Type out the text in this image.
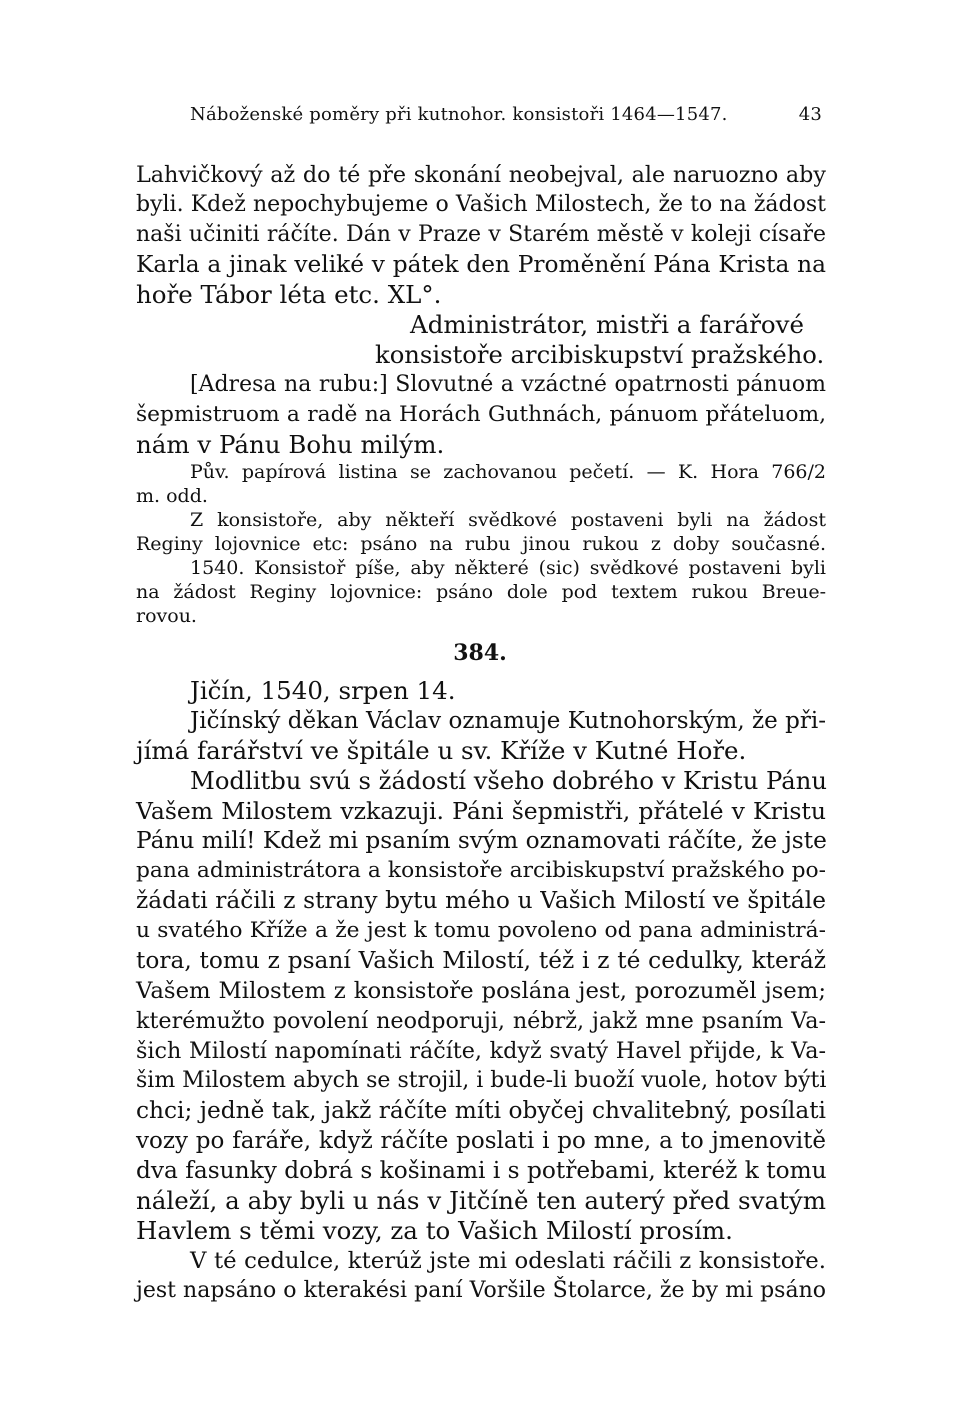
Náboženské poměry při kutnohor. konsistoři 1464—1547.	43
Lahvičkový až do té pře skonání neobejval, ale naruozno aby
byli. Kdež nepochybujeme o Vašich Milostech, že to na žádost
naši učiniti ráčíte. Dán v Praze v Starém městě v koleji císaře
Karla a jinak veliké v pátek den Proměnění Pána Krista na
hoře Tábor léta etc. XL°.
Administrátor, mistři a farářové
konsistoře arcibiskupství pražského.
[Adresa na rubu:] Slovutné a vzáctné opatrnosti pánuom
šepmistruom a radě na Horách Guthnách, pánuom přáteluom,
nám v Pánu Bohu milým.
Pův. papírová listina se zachovanou pečetí. — K. Hora 766/2
m. odd.
Z konsistoře, aby někteří svědkové postaveni byli na žádost
Reginy lojovnice etc: psáno na rubu jinou rukou z doby současné.
1540. Konsistoř píše, aby některé (sic) svědkové postaveni byli
na žádost Reginy lojovnice: psáno dole pod textem rukou Breue-
rovou.
384.
Jičín, 1540, srpen 14.
Jičínský děkan Václav oznamuje Kutnohorským, že při-
jímá farářství ve špitále u sv. Kříže v Kutné Hoře.
Modlitbu svú s žádostí všeho dobrého v Kristu Pánu
Vašem Milostem vzkazuji. Páni šepmistři, přátelé v Kristu
Pánu milí! Kdež mi psaním svým oznamovati ráčíte, že jste
pana administrátora a konsistoře arcibiskupství pražského po-
žádati ráčili z strany bytu mého u Vašich Milostí ve špitále
u svatého Kříže a že jest k tomu povoleno od pana administrá-
tora, tomu z psaní Vašich Milostí, též i z té cedulky, kteráž
Vašem Milostem z konsistoře poslána jest, porozuměl jsem;
kterémužto povolení neodporuji, nébrž, jakž mne psaním Va-
šich Milostí napomínati ráčíte, když svatý Havel přijde, k Va-
šim Milostem abych se strojil, i bude-li buoží vuole, hotov býti
chci; jedně tak, jakž ráčíte míti obyčej chvalitebný, posílati
vozy po faráře, když ráčíte poslati i po mne, a to jmenovitě
dva fasunky dobrá s košinami i s potřebami, kteréž k tomu
náleží, a aby byli u nás v Jitčíně ten auterý před svatým
Havlem s těmi vozy, za to Vašich Milostí prosím.
V té cedulce, kterúž jste mi odeslati ráčili z konsistoře.
jest napsáno o kterakési paní Voršile Štolarce, že by mi psáno
